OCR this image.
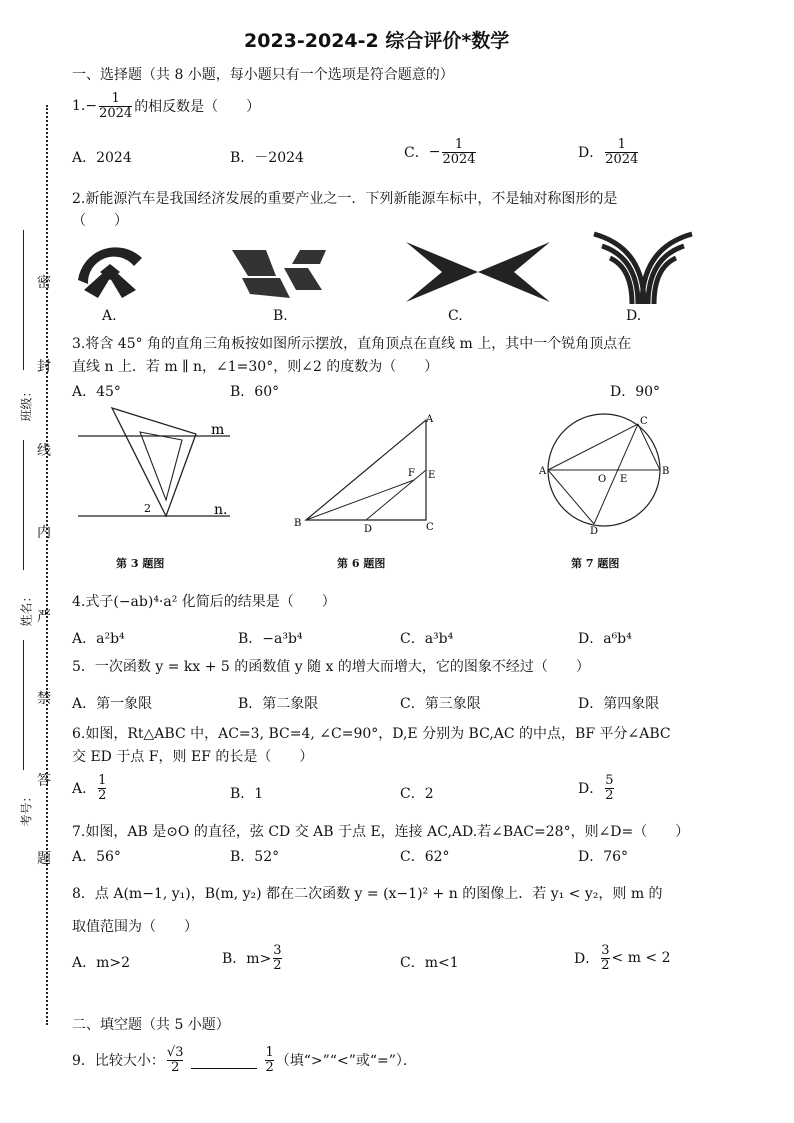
2023-2024-2 综合评价*数学
密
封
线
内
严
禁
答
题
班级：
姓名：
考号：
一、选择题（共 8 小题，每小题只有一个选项是符合题意的）
1. − $\frac{1}{2024}$ 的相反数是（　　）
A．2024	B．－2024	C． − $\frac{1}{2024}$	D． $\frac{1}{2024}$
2.新能源汽车是我国经济发展的重要产业之一．下列新能源车标中，不是轴对称图形的是
（　　）
A.	B.	C.	D.
3.将含 45° 角的直角三角板按如图所示摆放，直角顶点在直线 m 上，其中一个锐角顶点在
直线 n 上．若 m ∥ n，∠1=30°，则∠2 的度数为（　　）
A．45°	B．60°	D．90°
m
n.
2
A
B	C
D
E
F
C
A	B
D
O E
第 3 题图	第 6 题图	第 7 题图
4.式子(−ab)⁴·a² 化简后的结果是（　　）
A．a²b⁴	B．−a³b⁴	C．a³b⁴	D．a⁶b⁴
5．一次函数 y = kx + 5 的函数值 y 随 x 的增大而增大，它的图象不经过（　　）
A．第一象限	B．第二象限	C．第三象限	D．第四象限
6.如图，Rt△ABC 中，AC=3, BC=4, ∠C=90°，D,E 分别为 BC,AC 的中点，BF 平分∠ABC
交 ED 于点 F，则 EF 的长是（　　）
A． $\frac{1}{2}$	B．1	C．2	D． $\frac{5}{2}$
7.如图，AB 是⊙O 的直径，弦 CD 交 AB 于点 E，连接 AC,AD.若∠BAC=28°，则∠D=（　　）
A．56°	B．52°	C．62°	D．76°
8．点 A(m−1, y₁)，B(m, y₂) 都在二次函数 y = (x−1)² + n 的图像上．若 y₁ < y₂，则 m 的
取值范围为（　　）
A．m>2	B．$m> \frac{3}{2}$	C．m<1	D． $\frac{3}{2} < m < 2$
二、填空题（共 5 小题）
9．比较大小： $\frac{√3}{2}$	$\frac{1}{2}$ （填“>”“<”或“=”）．
